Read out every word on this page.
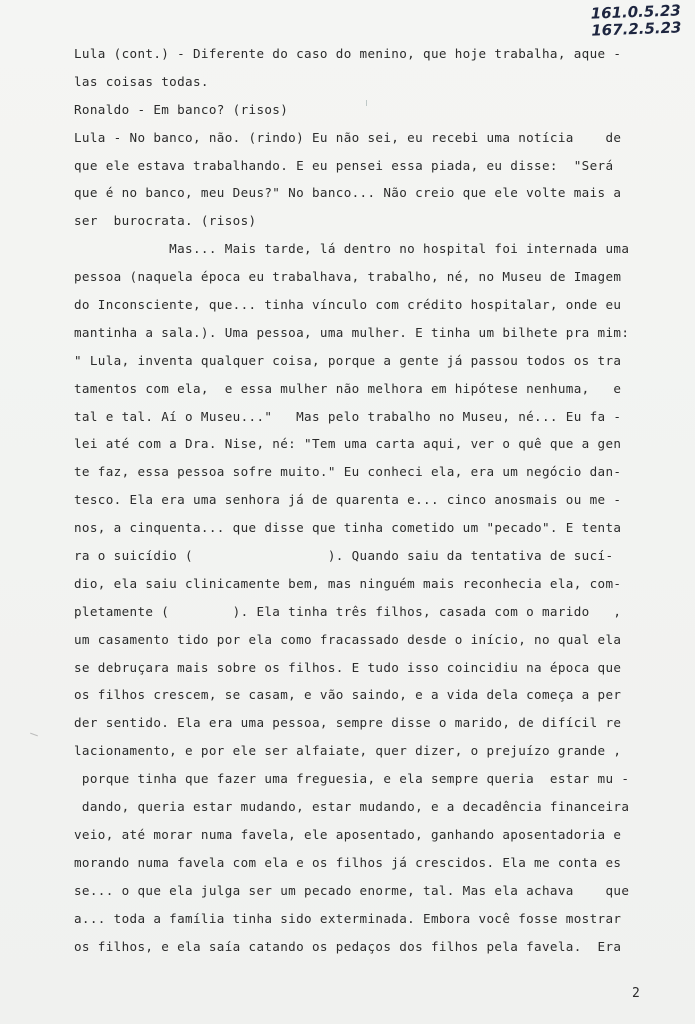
161.0.5.23
167.2.5.23
Lula (cont.) - Diferente do caso do menino, que hoje trabalha, aque -
las coisas todas.
Ronaldo - Em banco? (risos)
Lula - No banco, não. (rindo) Eu não sei, eu recebi uma notícia    de
que ele estava trabalhando. E eu pensei essa piada, eu disse:  "Será
que é no banco, meu Deus?" No banco... Não creio que ele volte mais a
ser  burocrata. (risos)
Mas... Mais tarde, lá dentro no hospital foi internada uma
pessoa (naquela época eu trabalhava, trabalho, né, no Museu de Imagem
do Inconsciente, que... tinha vínculo com crédito hospitalar, onde eu
mantinha a sala.). Uma pessoa, uma mulher. E tinha um bilhete pra mim:
" Lula, inventa qualquer coisa, porque a gente já passou todos os tra
tamentos com ela,  e essa mulher não melhora em hipótese nenhuma,   e
tal e tal. Aí o Museu..."   Mas pelo trabalho no Museu, né... Eu fa -
lei até com a Dra. Nise, né: "Tem uma carta aqui, ver o quê que a gen
te faz, essa pessoa sofre muito." Eu conheci ela, era um negócio dan-
tesco. Ela era uma senhora já de quarenta e... cinco anosmais ou me -
nos, a cinquenta... que disse que tinha cometido um "pecado". E tenta
ra o suicídio (                 ). Quando saiu da tentativa de sucí-
dio, ela saiu clinicamente bem, mas ninguém mais reconhecia ela, com-
pletamente (        ). Ela tinha três filhos, casada com o marido   ,
um casamento tido por ela como fracassado desde o início, no qual ela
se debruçara mais sobre os filhos. E tudo isso coincidiu na época que
os filhos crescem, se casam, e vão saindo, e a vida dela começa a per
der sentido. Ela era uma pessoa, sempre disse o marido, de difícil re
lacionamento, e por ele ser alfaiate, quer dizer, o prejuízo grande ,
porque tinha que fazer uma freguesia, e ela sempre queria  estar mu -
dando, queria estar mudando, estar mudando, e a decadência financeira
veio, até morar numa favela, ele aposentado, ganhando aposentadoria e
morando numa favela com ela e os filhos já crescidos. Ela me conta es
se... o que ela julga ser um pecado enorme, tal. Mas ela achava    que
a... toda a família tinha sido exterminada. Embora você fosse mostrar
os filhos, e ela saía catando os pedaços dos filhos pela favela.  Era
2
